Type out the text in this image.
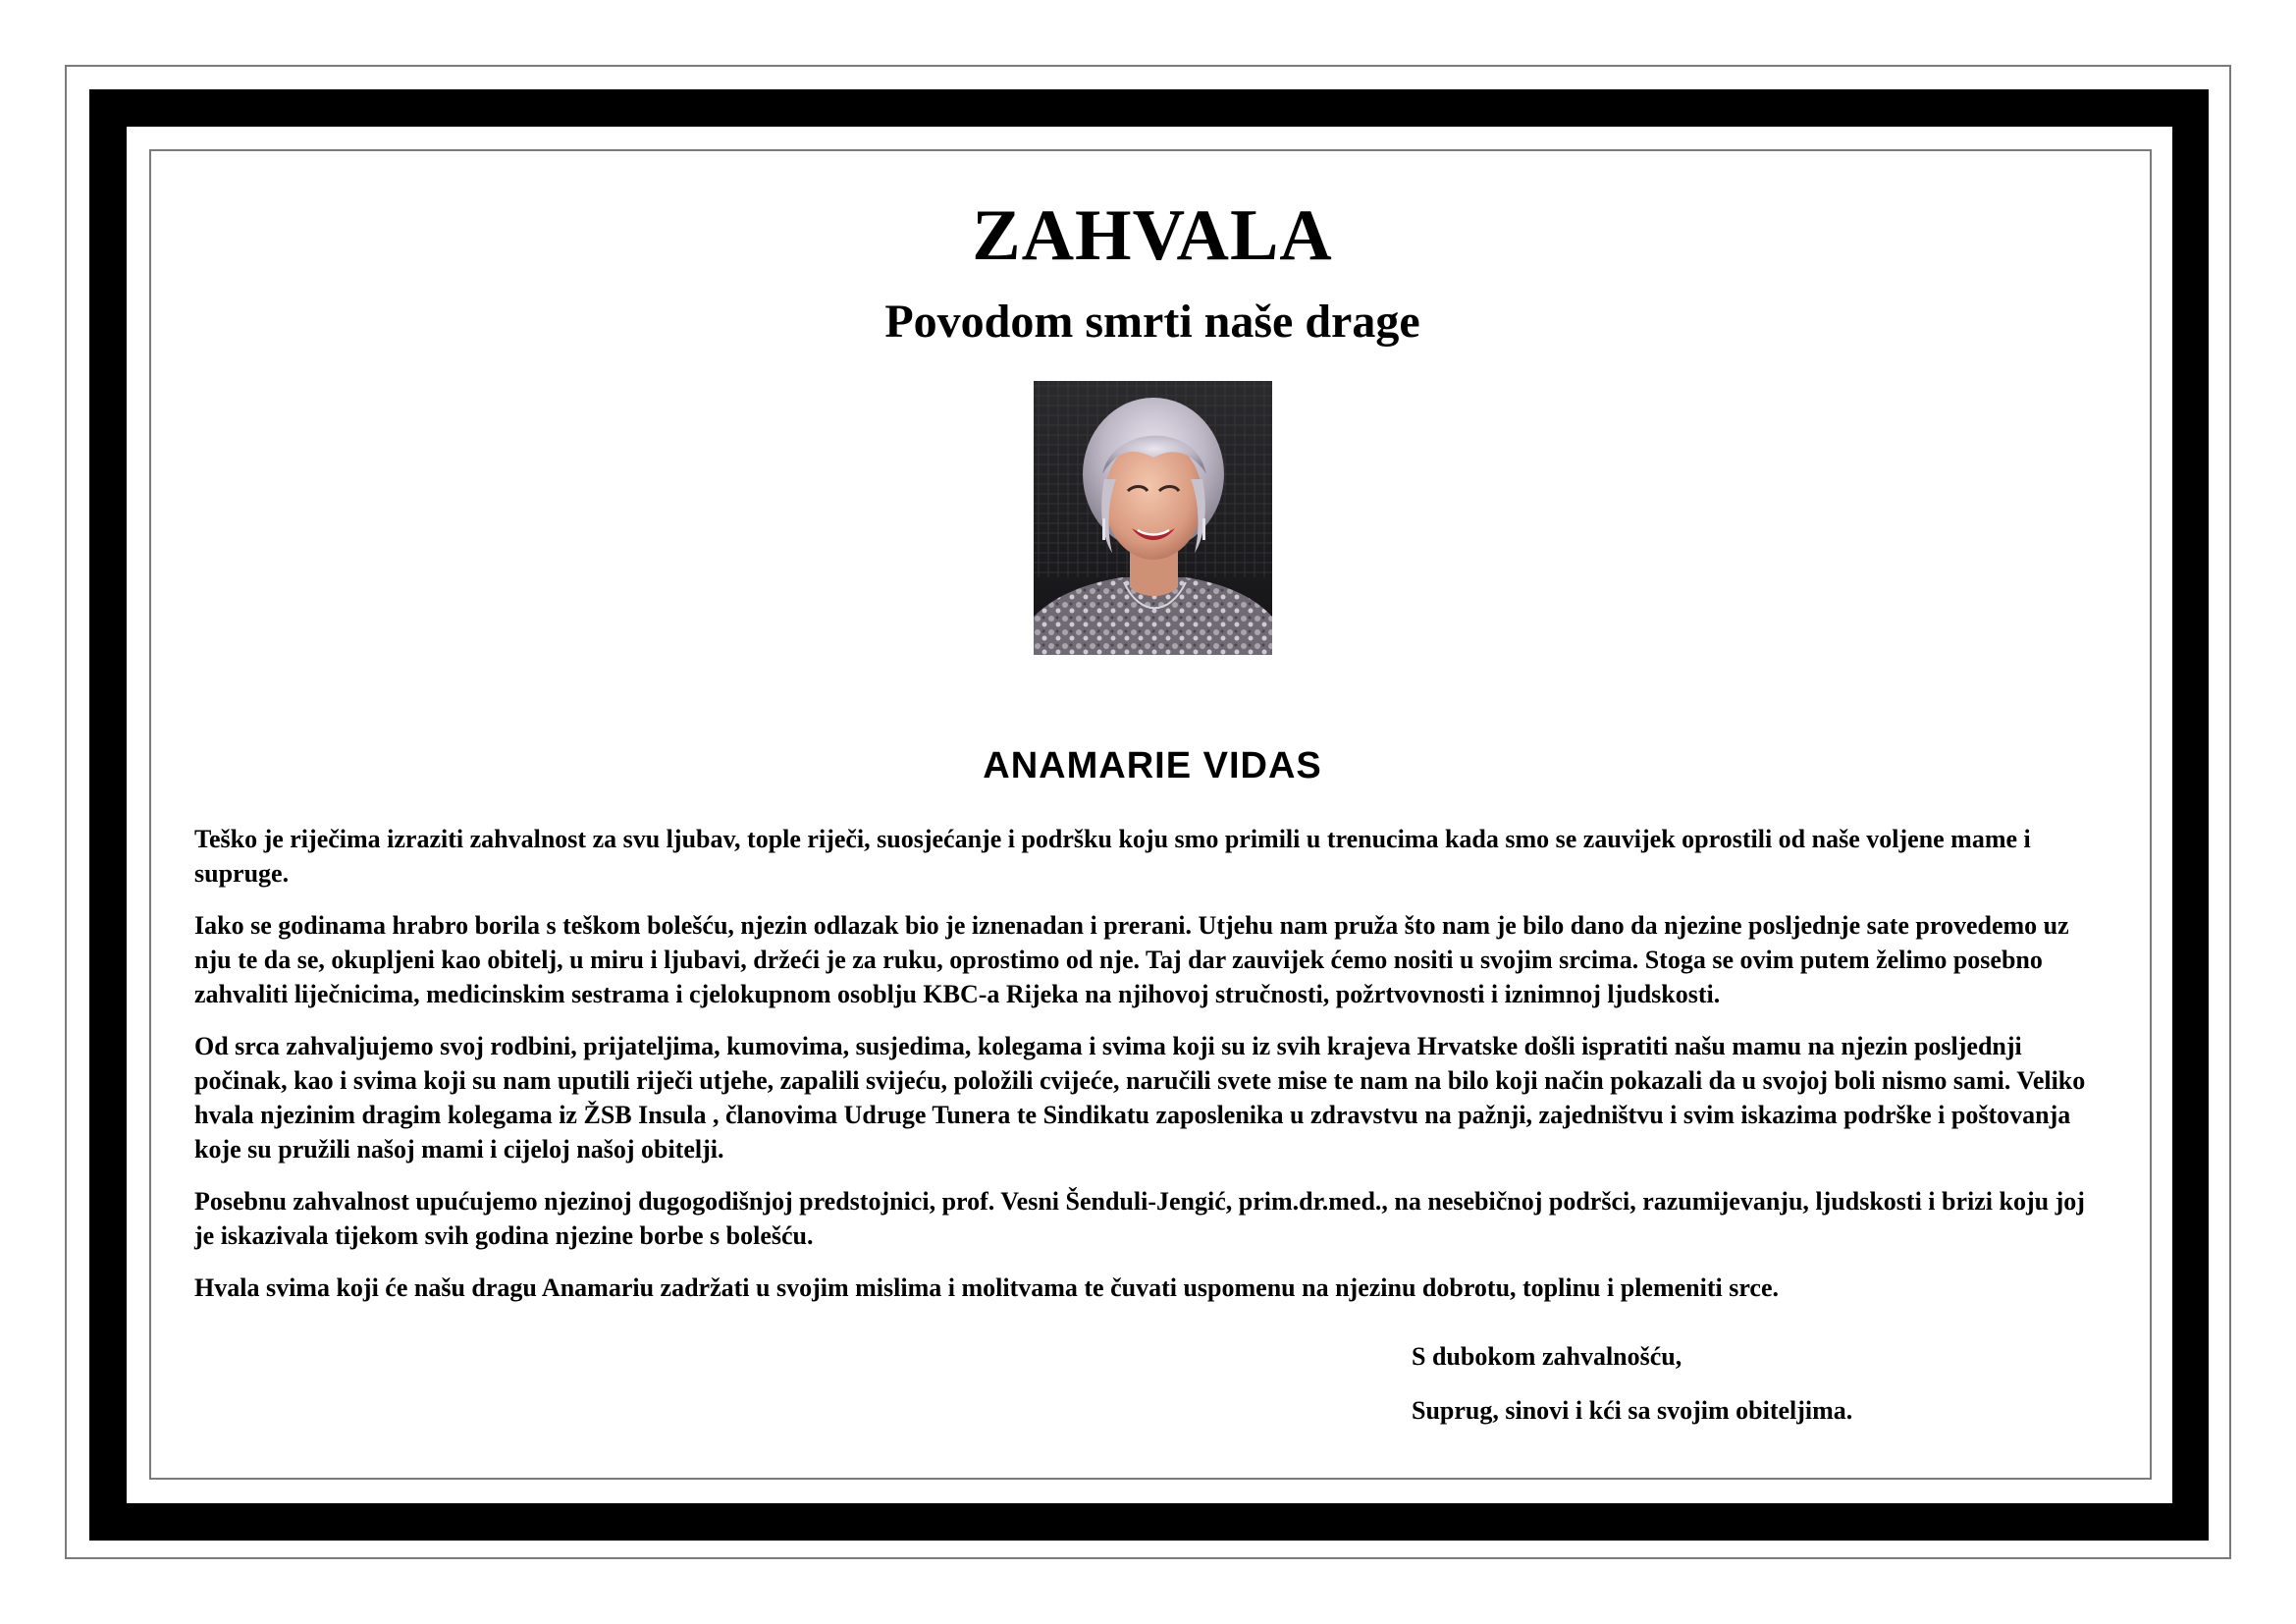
ZAHVALA
Povodom smrti naše drage
ANAMARIE VIDAS

Teško je riječima izraziti zahvalnost za svu ljubav, tople riječi, suosjećanje i podršku koju smo primili u trenucima kada smo se zauvijek oprostili od naše voljene mame i supruge.

Iako se godinama hrabro borila s teškom bolešću, njezin odlazak bio je iznenadan i prerani. Utjehu nam pruža što nam je bilo dano da njezine posljednje sate provedemo uz nju te da se, okupljeni kao obitelj, u miru i ljubavi, držeći je za ruku, oprostimo od nje. Taj dar zauvijek ćemo nositi u svojim srcima. Stoga se ovim putem želimo posebno zahvaliti liječnicima, medicinskim sestrama i cjelokupnom osoblju KBC-a Rijeka na njihovoj stručnosti, požrtvovnosti i iznimnoj ljudskosti.

Od srca zahvaljujemo svoj rodbini, prijateljima, kumovima, susjedima, kolegama i svima koji su iz svih krajeva Hrvatske došli ispratiti našu mamu na njezin posljednji počinak, kao i svima koji su nam uputili riječi utjehe, zapalili svijeću, položili cvijeće, naručili svete mise te nam na bilo koji način pokazali da u svojoj boli nismo sami. Veliko hvala njezinim dragim kolegama iz ŽSB Insula , članovima Udruge Tunera te Sindikatu zaposlenika u zdravstvu na pažnji, zajedništvu i svim iskazima podrške i poštovanja koje su pružili našoj mami i cijeloj našoj obitelji.

Posebnu zahvalnost upućujemo njezinoj dugogodišnjoj predstojnici, prof. Vesni Šenduli-Jengić, prim.dr.med., na nesebičnoj podršci, razumijevanju, ljudskosti i brizi koju joj je iskazivala tijekom svih godina njezine borbe s bolešću.

Hvala svima koji će našu dragu Anamariu zadržati u svojim mislima i molitvama te čuvati uspomenu na njezinu dobrotu, toplinu i plemeniti srce.

S dubokom zahvalnošću,
Suprug, sinovi i kći sa svojim obiteljima.
